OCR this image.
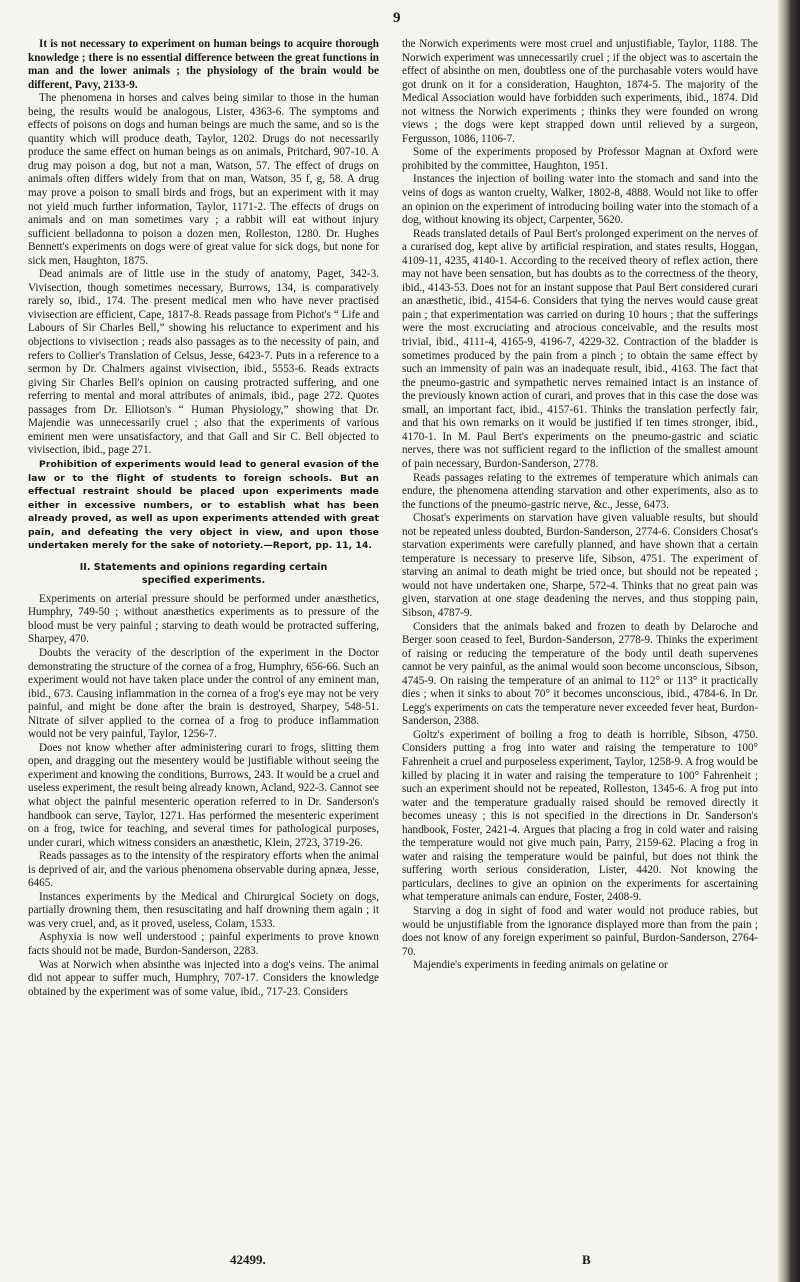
9

It is not necessary to experiment on human beings to acquire thorough knowledge ; there is no essential difference between the great functions in man and the lower animals ; the physiology of the brain would be different, Pavy, 2133-9.

The phenomena in horses and calves being similar to those in the human being, the results would be analogous, Lister, 4363-6. The symptoms and effects of poisons on dogs and human beings are much the same, and so is the quantity which will produce death, Taylor, 1202. Drugs do not necessarily produce the same effect on human beings as on animals, Pritchard, 907-10. A drug may poison a dog, but not a man, Watson, 57. The effect of drugs on animals often differs widely from that on man, Watson, 35 f, g, 58. A drug may prove a poison to small birds and frogs, but an experiment with it may not yield much further information, Taylor, 1171-2. The effects of drugs on animals and on man sometimes vary ; a rabbit will eat without injury sufficient belladonna to poison a dozen men, Rolleston, 1280. Dr. Hughes Bennett's experiments on dogs were of great value for sick dogs, but none for sick men, Haughton, 1875.

Dead animals are of little use in the study of anatomy, Paget, 342-3. Vivisection, though sometimes necessary, Burrows, 134, is comparatively rarely so, ibid., 174. The present medical men who have never practised vivisection are efficient, Cape, 1817-8. Reads passage from Pichot's “ Life and Labours of Sir Charles Bell,” showing his reluctance to experiment and his objections to vivisection ; reads also passages as to the necessity of pain, and refers to Collier's Translation of Celsus, Jesse, 6423-7. Puts in a reference to a sermon by Dr. Chalmers against vivisection, ibid., 5553-6. Reads extracts giving Sir Charles Bell's opinion on causing protracted suffering, and one referring to mental and moral attributes of animals, ibid., page 272. Quotes passages from Dr. Elliotson's “ Human Physiology,” showing that Dr. Majendie was unnecessarily cruel ; also that the experiments of various eminent men were unsatisfactory, and that Gall and Sir C. Bell objected to vivisection, ibid., page 271.

Prohibition of experiments would lead to general evasion of the law or to the flight of students to foreign schools. But an effectual restraint should be placed upon experiments made either in excessive numbers, or to establish what has been already proved, as well as upon experiments attended with great pain, and defeating the very object in view, and upon those undertaken merely for the sake of notoriety.—Report, pp. 11, 14.

II. Statements and opinions regarding certain
specified experiments.

Experiments on arterial pressure should be performed under anæsthetics, Humphry, 749-50 ; without anæsthetics experiments as to pressure of the blood must be very painful ; starving to death would be protracted suffering, Sharpey, 470.

Doubts the veracity of the description of the experiment in the Doctor demonstrating the structure of the cornea of a frog, Humphry, 656-66. Such an experiment would not have taken place under the control of any eminent man, ibid., 673. Causing inflammation in the cornea of a frog's eye may not be very painful, and might be done after the brain is destroyed, Sharpey, 548-51. Nitrate of silver applied to the cornea of a frog to produce inflammation would not be very painful, Taylor, 1256-7.

Does not know whether after administering curari to frogs, slitting them open, and dragging out the mesentery would be justifiable without seeing the experiment and knowing the conditions, Burrows, 243. It would be a cruel and useless experiment, the result being already known, Acland, 922-3. Cannot see what object the painful mesenteric operation referred to in Dr. Sanderson's handbook can serve, Taylor, 1271. Has performed the mesenteric experiment on a frog, twice for teaching, and several times for pathological purposes, under curari, which witness considers an anæsthetic, Klein, 2723, 3719-26.

Reads passages as to the intensity of the respiratory efforts when the animal is deprived of air, and the various phenomena observable during apnæa, Jesse, 6465.

Instances experiments by the Medical and Chirurgical Society on dogs, partially drowning them, then resuscitating and half drowning them again ; it was very cruel, and, as it proved, useless, Colam, 1533.

Asphyxia is now well understood ; painful experiments to prove known facts should not be made, Burdon-Sanderson, 2283.

Was at Norwich when absinthe was injected into a dog's veins. The animal did not appear to suffer much, Humphry, 707-17. Considers the knowledge obtained by the experiment was of some value, ibid., 717-23. Considers

the Norwich experiments were most cruel and unjustifiable, Taylor, 1188. The Norwich experiment was unnecessarily cruel ; if the object was to ascertain the effect of absinthe on men, doubtless one of the purchasable voters would have got drunk on it for a consideration, Haughton, 1874-5. The majority of the Medical Association would have forbidden such experiments, ibid., 1874. Did not witness the Norwich experiments ; thinks they were founded on wrong views ; the dogs were kept strapped down until relieved by a surgeon, Fergusson, 1086, 1106-7.

Some of the experiments proposed by Professor Magnan at Oxford were prohibited by the committee, Haughton, 1951.

Instances the injection of boiling water into the stomach and sand into the veins of dogs as wanton cruelty, Walker, 1802-8, 4888. Would not like to offer an opinion on the experiment of introducing boiling water into the stomach of a dog, without knowing its object, Carpenter, 5620.

Reads translated details of Paul Bert's prolonged experiment on the nerves of a curarised dog, kept alive by artificial respiration, and states results, Hoggan, 4109-11, 4235, 4140-1. According to the received theory of reflex action, there may not have been sensation, but has doubts as to the correctness of the theory, ibid., 4143-53. Does not for an instant suppose that Paul Bert considered curari an anæsthetic, ibid., 4154-6. Considers that tying the nerves would cause great pain ; that experimentation was carried on during 10 hours ; that the sufferings were the most excruciating and atrocious conceivable, and the results most trivial, ibid., 4111-4, 4165-9, 4196-7, 4229-32. Contraction of the bladder is sometimes produced by the pain from a pinch ; to obtain the same effect by such an immensity of pain was an inadequate result, ibid., 4163. The fact that the pneumo-gastric and sympathetic nerves remained intact is an instance of the previously known action of curari, and proves that in this case the dose was small, an important fact, ibid., 4157-61. Thinks the translation perfectly fair, and that his own remarks on it would be justified if ten times stronger, ibid., 4170-1. In M. Paul Bert's experiments on the pneumo-gastric and sciatic nerves, there was not sufficient regard to the infliction of the smallest amount of pain necessary, Burdon-Sanderson, 2778.

Reads passages relating to the extremes of temperature which animals can endure, the phenomena attending starvation and other experiments, also as to the functions of the pneumo-gastric nerve, &c., Jesse, 6473.

Chosat's experiments on starvation have given valuable results, but should not be repeated unless doubted, Burdon-Sanderson, 2774-6. Considers Chosat's starvation experiments were carefully planned, and have shown that a certain temperature is necessary to preserve life, Sibson, 4751. The experiment of starving an animal to death might be tried once, but should not be repeated ; would not have undertaken one, Sharpe, 572-4. Thinks that no great pain was given, starvation at one stage deadening the nerves, and thus stopping pain, Sibson, 4787-9.

Considers that the animals baked and frozen to death by Delaroche and Berger soon ceased to feel, Burdon-Sanderson, 2778-9. Thinks the experiment of raising or reducing the temperature of the body until death supervenes cannot be very painful, as the animal would soon become unconscious, Sibson, 4745-9. On raising the temperature of an animal to 112° or 113° it practically dies ; when it sinks to about 70° it becomes unconscious, ibid., 4784-6. In Dr. Legg's experiments on cats the temperature never exceeded fever heat, Burdon-Sanderson, 2388.

Goltz's experiment of boiling a frog to death is horrible, Sibson, 4750. Considers putting a frog into water and raising the temperature to 100° Fahrenheit a cruel and purposeless experiment, Taylor, 1258-9. A frog would be killed by placing it in water and raising the temperature to 100° Fahrenheit ; such an experiment should not be repeated, Rolleston, 1345-6. A frog put into water and the temperature gradually raised should be removed directly it becomes uneasy ; this is not specified in the directions in Dr. Sanderson's handbook, Foster, 2421-4. Argues that placing a frog in cold water and raising the temperature would not give much pain, Parry, 2159-62. Placing a frog in water and raising the temperature would be painful, but does not think the suffering worth serious consideration, Lister, 4420. Not knowing the particulars, declines to give an opinion on the experiments for ascertaining what temperature animals can endure, Foster, 2408-9.

Starving a dog in sight of food and water would not produce rabies, but would be unjustifiable from the ignorance displayed more than from the pain ; does not know of any foreign experiment so painful, Burdon-Sanderson, 2764-70.

Majendie's experiments in feeding animals on gelatine or

42499.	B
